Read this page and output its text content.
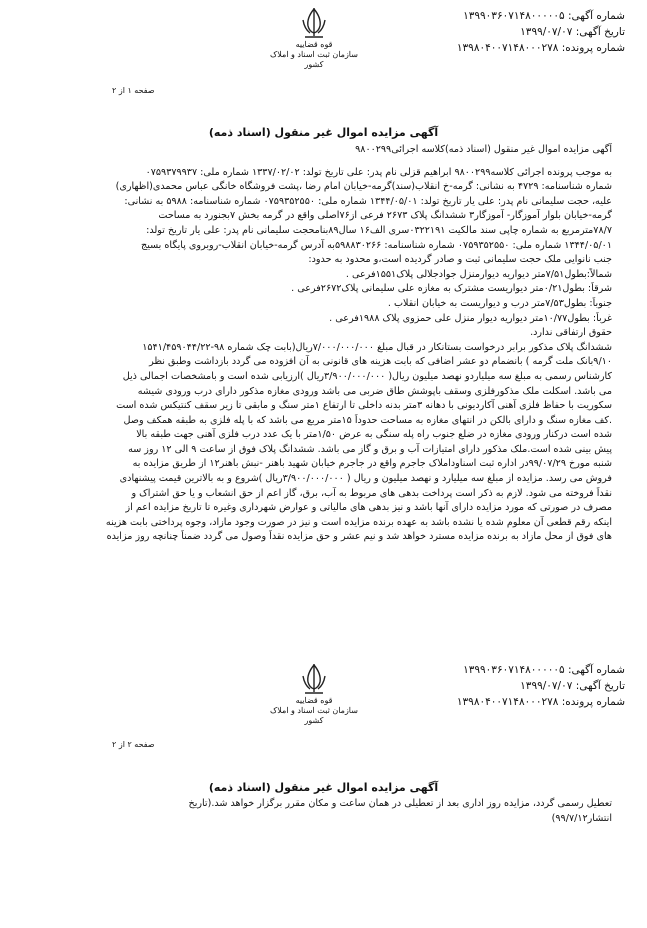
شماره آگهی: ۱۳۹۹۰۳۶۰۷۱۴۸۰۰۰۰۰۵
تاریخ آگهی: ۱۳۹۹/۰۷/۰۷
شماره پرونده: ۱۳۹۸۰۴۰۰۷۱۴۸۰۰۰۲۷۸
قوه قضاییه
سازمان ثبت اسناد و املاک کشور
صفحه ۱ از ۲
آگهی مزایده اموال غیر منقول (اسناد ذمه)
آگهی مزایده اموال غیر منقول (اسناد ذمه)کلاسه اجرائی۹۸۰۰۲۹۹
به موجب پرونده اجرائی کلاسه۹۸۰۰۲۹۹ ابراهیم قزلی نام پدر: علی تاریخ تولد: ۱۳۳۷/۰۲/۰۲ شماره ملی: ۰۷۵۹۳۷۹۹۳۷
شماره شناسنامه: ۴۷۲۹ به نشانی: گرمه-خ انقلاب(سند)گرمه-خیابان امام رضا ،پشت فروشگاه خانگی عباس محمدی(اظهاری)
علیه، حجت سلیمانی نام پدر: علی یار تاریخ تولد: ۱۳۴۴/۰۵/۰۱ شماره ملی: ۰۷۵۹۳۵۲۵۵۰ شماره شناسنامه: ۵۹۸۸ به نشانی:
گرمه-خیابان بلوار آموزگار- آموزگار۳ ششدانگ پلاک ۲۶۷۳ فرعی از۷۶اصلی واقع در گرمه بخش ۷بجنورد به مساحت
۷۸/۷مترمربع به شماره چاپی سند مالکیت ۰۳۲۲۱۹۱سری الف۱۶ سال۸۹بنامحجت سلیمانی نام پدر: علی یار تاریخ تولد:
۱۳۴۴/۰۵/۰۱ شماره ملی: ۰۷۵۹۳۵۲۵۵۰ شماره شناسنامه: ۵۹۸۸۳۰۲۶۶به آدرس گرمه-خیابان انقلاب-روبروی پایگاه بسیج
جنب نانوایی ملک حجت سلیمانی ثبت و صادر گردیده است،و محدود به حدود:
شمالاً:بطول۷/۵۱متر دیواریه دیوارمنزل جوادجلالی پلاک۱۵۵۱فرعی .
شرقاً: بطول۰/۲۱متر دیواریست مشترک به مغازه علی سلیمانی پلاک۲۶۷۲فرعی .
جنوباً: بطول۷/۵۳متر درب و دیواریست به خیابان انقلاب .
غرباً: بطول۱۰/۷۷متر دیواریه دیوار منزل علی حمزوی پلاک ۱۹۸۸فرعی .
حقوق ارتفاقی ندارد.
ششدانگ پلاک مذکور برابر درخواست بستانکار در قبال مبلغ ۷/۰۰۰/۰۰۰/۰۰۰ریال(بابت چک شماره ۹۸-۱۵۴۱/۴۵۹۰۴۴/۲۲
۹/۱۰بانک ملت گرمه ) بانضمام دو عشر اضافی که بابت هزینه های قانونی به آن افزوده می گردد بازداشت وطبق نظر
کارشناس رسمی به مبلغ سه میلیاردو نهصد میلیون ریال( ۳/۹۰۰/۰۰۰/۰۰۰ریال )ارزیابی شده است و بامشخصات اجمالی ذیل
می باشد. اسکلت ملک مذکورفلزی وسقف باپوشش طاق ضربی می باشد ورودی مغازه مذکور دارای درب ورودی شیشه
سکوریت با حفاظ فلزی آهنی آکاردیونی با دهانه ۳متر بدنه داخلی تا ارتفاع ۱متر سنگ و مابقی تا زیر سقف کنتیکس شده است
.کف مغازه سنگ و دارای بالکن در انتهای مغازه به مساحت حدوداً ۱۵متر مربع می باشد که با پله فلزی به طبقه همکف وصل
شده است درکنار ورودی مغازه در ضلع جنوب راه پله سنگی به عرض ۱/۵۰متر با یک عدد درب فلزی آهنی جهت طبقه بالا
پیش بینی شده است.ملک مذکور دارای امتیازات آب و برق و گاز می باشد. ششدانگ پلاک فوق از ساعت ۹ الی ۱۲ روز سه
شنبه مورخ ۹۹/۰۷/۲۹در اداره ثبت اسناوداملاک جاجرم واقع در جاجرم خیابان شهید باهنر -نبش باهنر۱۲ از طریق مزایده به
فروش می رسد. مزایده از مبلغ سه میلیارد و نهصد میلیون و ریال ( ۳/۹۰۰/۰۰۰/۰۰۰ریال )شروع و به بالاترین قیمت پیشنهادی
نقداً فروخته می شود. لازم به ذکر است پرداخت بدهی های مربوط به آب، برق، گاز اعم از حق انشعاب و یا حق اشتراک و
مصرف در صورتی که مورد مزایده دارای آنها باشد و نیز بدهی های مالیاتی و عوارض شهرداری وغیره تا تاریخ مزایده اعم از
اینکه رقم قطعی آن معلوم شده یا نشده باشد به عهده برنده مزایده است و نیز در صورت وجود مازاد، وجوه پرداختی بابت هزینه
های فوق از محل مازاد به برنده مزایده مسترد خواهد شد و نیم عشر و حق مزایده نقداً وصول می گردد ضمناً چنانچه روز مزایده
شماره آگهی: ۱۳۹۹۰۳۶۰۷۱۴۸۰۰۰۰۰۵
تاریخ آگهی: ۱۳۹۹/۰۷/۰۷
شماره پرونده: ۱۳۹۸۰۴۰۰۷۱۴۸۰۰۰۲۷۸
قوه قضاییه
سازمان ثبت اسناد و املاک کشور
صفحه ۲ از ۲
آگهی مزایده اموال غیر منقول (اسناد ذمه)
تعطیل رسمی گردد، مزایده روز اداری بعد از تعطیلی در همان ساعت و مکان مقرر برگزار خواهد شد.(تاریخ
انتشار۹۹/۷/۱۲)
